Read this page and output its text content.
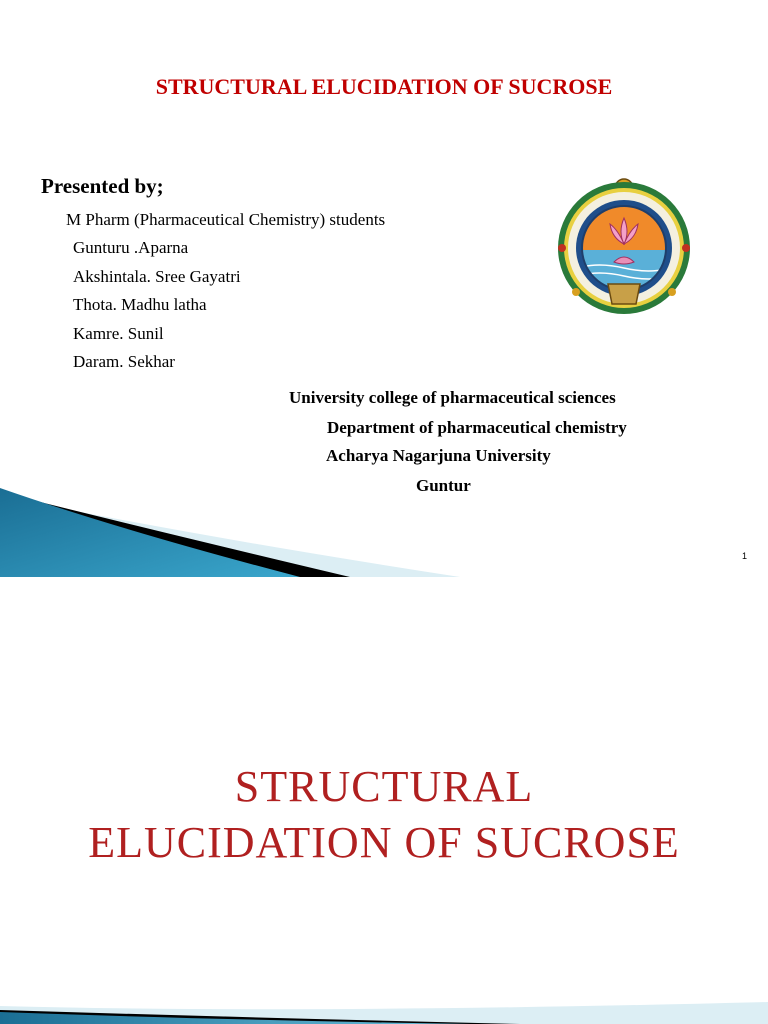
STRUCTURAL ELUCIDATION OF SUCROSE
Presented by;
M Pharm (Pharmaceutical Chemistry) students
Gunturu .Aparna
Akshintala. Sree Gayatri
Thota. Madhu latha
Kamre. Sunil
Daram. Sekhar
University college of pharmaceutical sciences
Department of pharmaceutical chemistry
Acharya Nagarjuna University
Guntur
1
STRUCTURAL
ELUCIDATION OF SUCROSE
